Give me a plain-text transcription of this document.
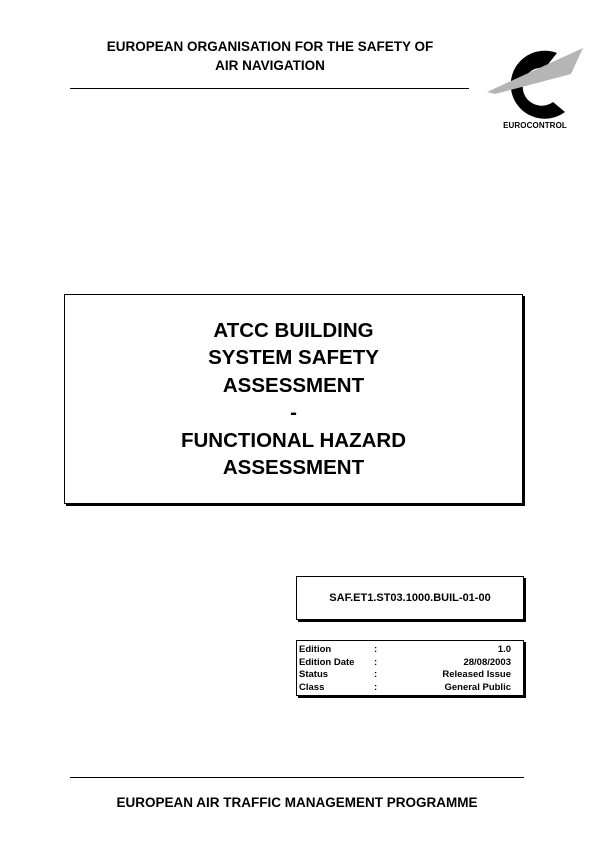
EUROPEAN ORGANISATION FOR THE SAFETY OF
AIR NAVIGATION
EUROCONTROL
ATCC BUILDING
SYSTEM SAFETY
ASSESSMENT
-
FUNCTIONAL HAZARD
ASSESSMENT
SAF.ET1.ST03.1000.BUIL-01-00
Edition	:	1.0
Edition Date	:	28/08/2003
Status	:	Released Issue
Class	:	General Public
EUROPEAN AIR TRAFFIC MANAGEMENT PROGRAMME
